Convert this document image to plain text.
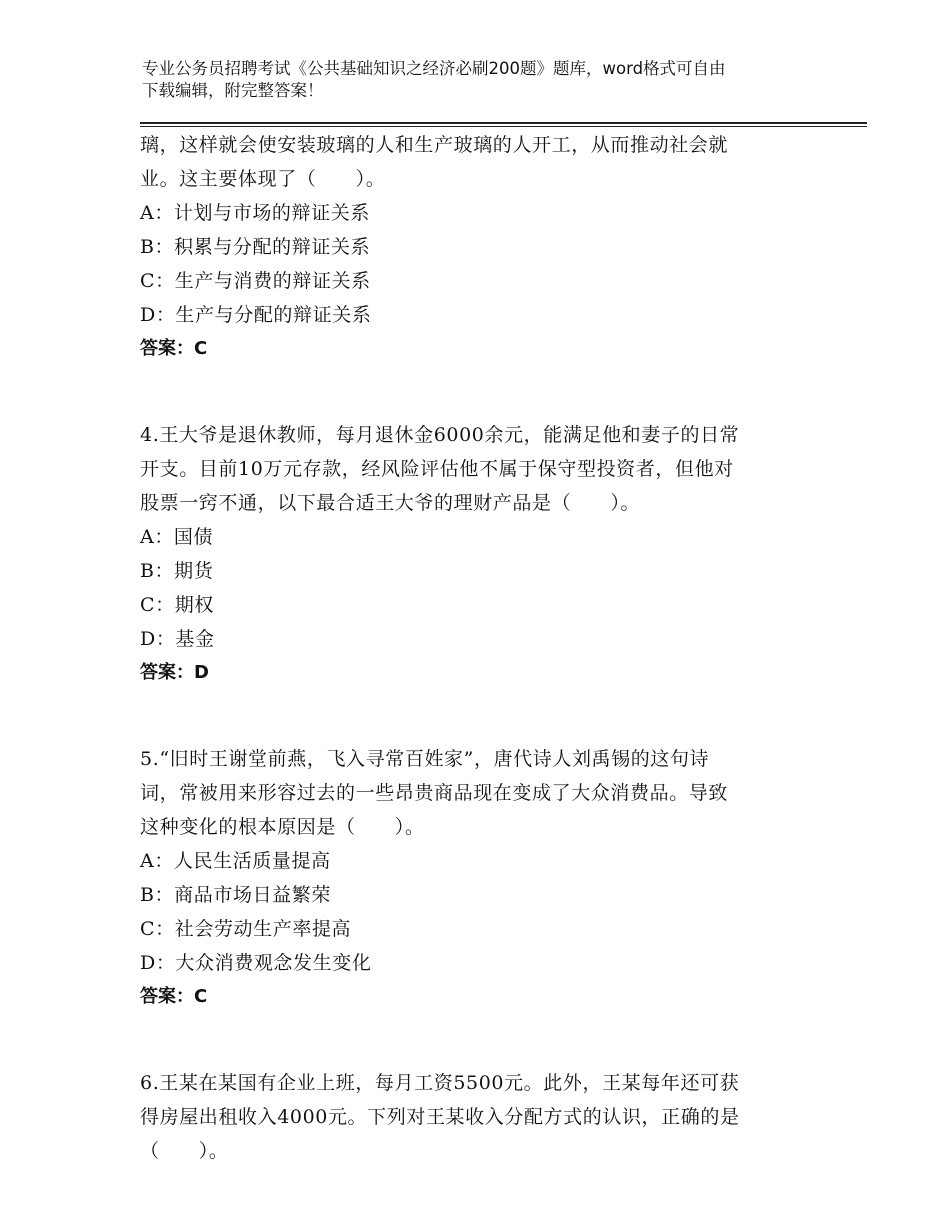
专业公务员招聘考试《公共基础知识之经济必刷200题》题库，word格式可自由
下载编辑，附完整答案！
璃，这样就会使安装玻璃的人和生产玻璃的人开工，从而推动社会就
业。这主要体现了（　　）。
A：计划与市场的辩证关系
B：积累与分配的辩证关系
C：生产与消费的辩证关系
D：生产与分配的辩证关系
答案：C
4.王大爷是退休教师，每月退休金6000余元，能满足他和妻子的日常
开支。目前10万元存款，经风险评估他不属于保守型投资者，但他对
股票一窍不通，以下最合适王大爷的理财产品是（　　）。
A：国债
B：期货
C：期权
D：基金
答案：D
5.“旧时王谢堂前燕，飞入寻常百姓家”，唐代诗人刘禹锡的这句诗
词，常被用来形容过去的一些昂贵商品现在变成了大众消费品。导致
这种变化的根本原因是（　　）。
A：人民生活质量提高
B：商品市场日益繁荣
C：社会劳动生产率提高
D：大众消费观念发生变化
答案：C
6.王某在某国有企业上班，每月工资5500元。此外，王某每年还可获
得房屋出租收入4000元。下列对王某收入分配方式的认识，正确的是
（　　）。
